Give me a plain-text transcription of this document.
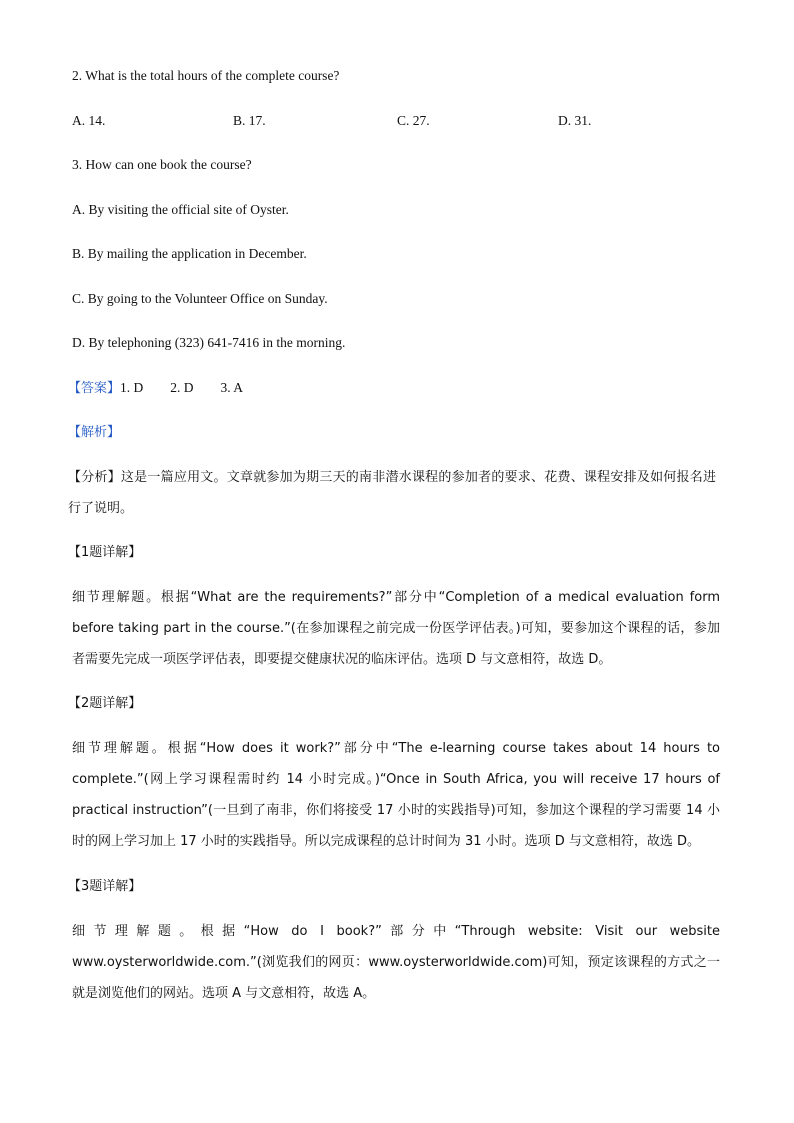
2. What is the total hours of the complete course?
A. 14.	B. 17.	C. 27.	D. 31.
3. How can one book the course?
A. By visiting the official site of Oyster.
B. By mailing the application in December.
C. By going to the Volunteer Office on Sunday.
D. By telephoning (323) 641-7416 in the morning.
【答案】1. D        2. D        3. A
【解析】
【分析】这是一篇应用文。文章就参加为期三天的南非潜水课程的参加者的要求、花费、课程安排及如何报名进行了说明。
【1题详解】
细节理解题。根据“What are the requirements?”部分中“Completion of a medical evaluation form before taking part in the course.”(在参加课程之前完成一份医学评估表。)可知，要参加这个课程的话，参加者需要先完成一项医学评估表，即要提交健康状况的临床评估。选项 D 与文意相符，故选 D。
【2题详解】
细节理解题。根据“How does it work?”部分中“The e-learning course takes about 14 hours to complete.”(网上学习课程需时约 14 小时完成。)“Once in South Africa, you will receive 17 hours of practical instruction”(一旦到了南非，你们将接受 17 小时的实践指导)可知，参加这个课程的学习需要 14 小时的网上学习加上 17 小时的实践指导。所以完成课程的总计时间为 31 小时。选项 D 与文意相符，故选 D。
【3题详解】
细节理解题。根据“How do I book?”部分中“Through website: Visit our website www.oysterworldwide.com.”(浏览我们的网页：www.oysterworldwide.com)可知，预定该课程的方式之一就是浏览他们的网站。选项 A 与文意相符，故选 A。
